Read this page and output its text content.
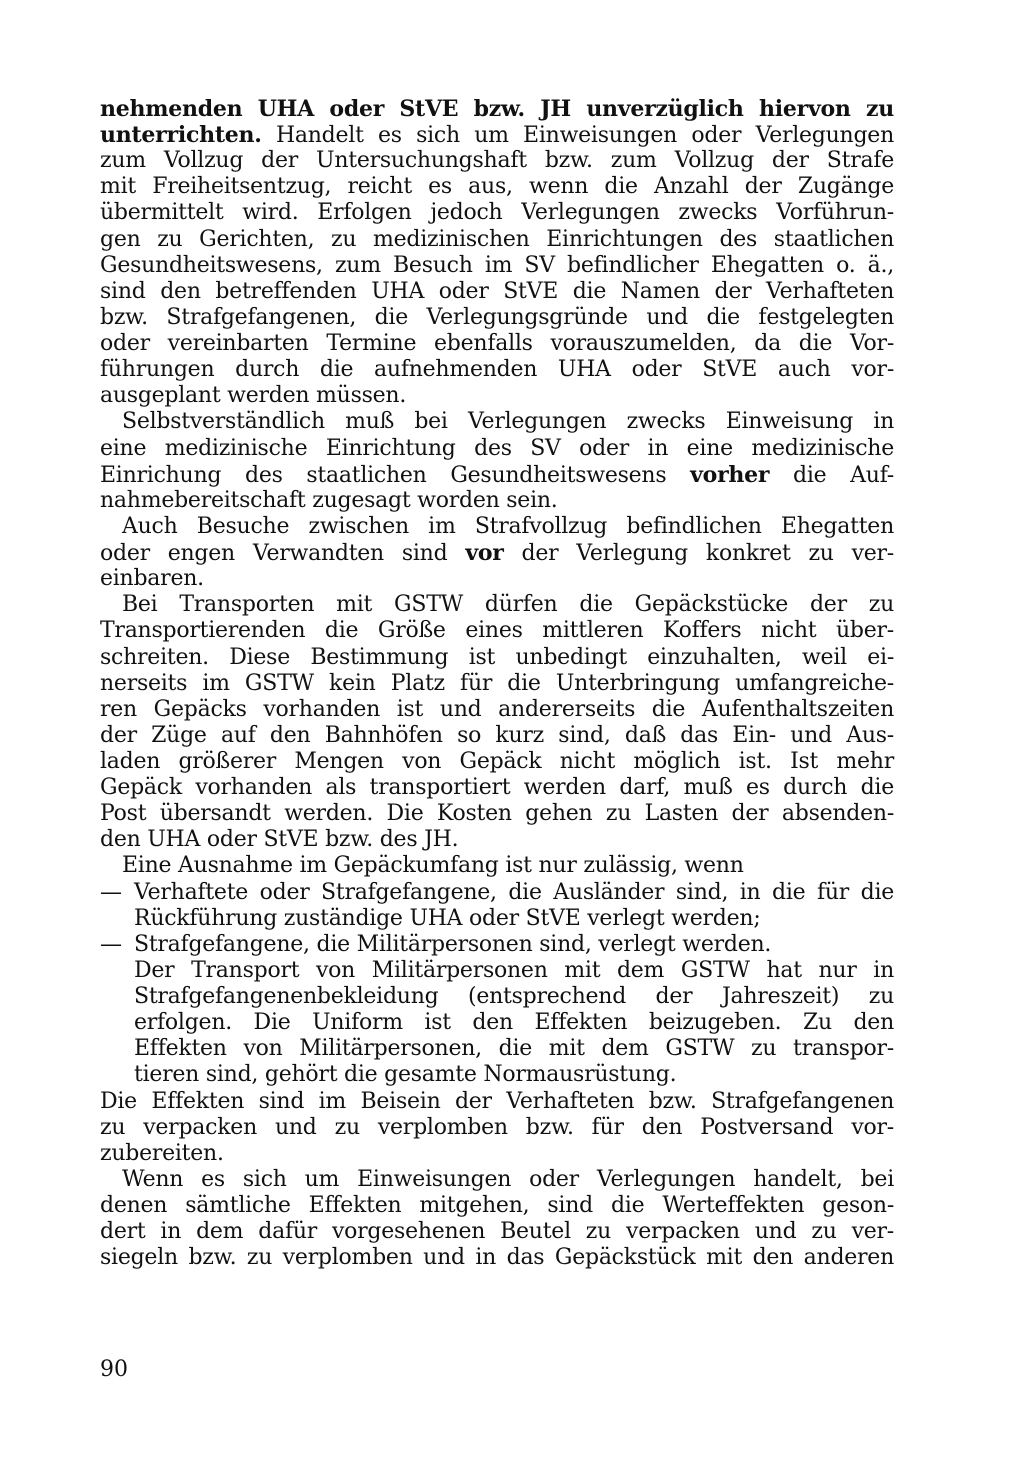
nehmenden UHA oder StVE bzw. JH unverzüglich hiervon zu
unterrichten. Handelt es sich um Einweisungen oder Verlegungen
zum Vollzug der Untersuchungshaft bzw. zum Vollzug der Strafe
mit Freiheitsentzug, reicht es aus, wenn die Anzahl der Zugänge
übermittelt wird. Erfolgen jedoch Verlegungen zwecks Vorführun-
gen zu Gerichten, zu medizinischen Einrichtungen des staatlichen
Gesundheitswesens, zum Besuch im SV befindlicher Ehegatten o. ä.,
sind den betreffenden UHA oder StVE die Namen der Verhafteten
bzw. Strafgefangenen, die Verlegungsgründe und die festgelegten
oder vereinbarten Termine ebenfalls vorauszumelden, da die Vor-
führungen durch die aufnehmenden UHA oder StVE auch vor-
ausgeplant werden müssen.
Selbstverständlich muß bei Verlegungen zwecks Einweisung in
eine medizinische Einrichtung des SV oder in eine medizinische
Einrichung des staatlichen Gesundheitswesens vorher die Auf-
nahmebereitschaft zugesagt worden sein.
Auch Besuche zwischen im Strafvollzug befindlichen Ehegatten
oder engen Verwandten sind vor der Verlegung konkret zu ver-
einbaren.
Bei Transporten mit GSTW dürfen die Gepäckstücke der zu
Transportierenden die Größe eines mittleren Koffers nicht über-
schreiten. Diese Bestimmung ist unbedingt einzuhalten, weil ei-
nerseits im GSTW kein Platz für die Unterbringung umfangreiche-
ren Gepäcks vorhanden ist und andererseits die Aufenthaltszeiten
der Züge auf den Bahnhöfen so kurz sind, daß das Ein- und Aus-
laden größerer Mengen von Gepäck nicht möglich ist. Ist mehr
Gepäck vorhanden als transportiert werden darf, muß es durch die
Post übersandt werden. Die Kosten gehen zu Lasten der absenden-
den UHA oder StVE bzw. des JH.
Eine Ausnahme im Gepäckumfang ist nur zulässig, wenn
Verhaftete oder Strafgefangene, die Ausländer sind, in die für die
—
Rückführung zuständige UHA oder StVE verlegt werden;
Strafgefangene, die Militärpersonen sind, verlegt werden.
—
Der Transport von Militärpersonen mit dem GSTW hat nur in
Strafgefangenenbekleidung (entsprechend der Jahreszeit) zu
erfolgen. Die Uniform ist den Effekten beizugeben. Zu den
Effekten von Militärpersonen, die mit dem GSTW zu transpor-
tieren sind, gehört die gesamte Normausrüstung.
Die Effekten sind im Beisein der Verhafteten bzw. Strafgefangenen
zu verpacken und zu verplomben bzw. für den Postversand vor-
zubereiten.
Wenn es sich um Einweisungen oder Verlegungen handelt, bei
denen sämtliche Effekten mitgehen, sind die Werteffekten geson-
dert in dem dafür vorgesehenen Beutel zu verpacken und zu ver-
siegeln bzw. zu verplomben und in das Gepäckstück mit den anderen
90
